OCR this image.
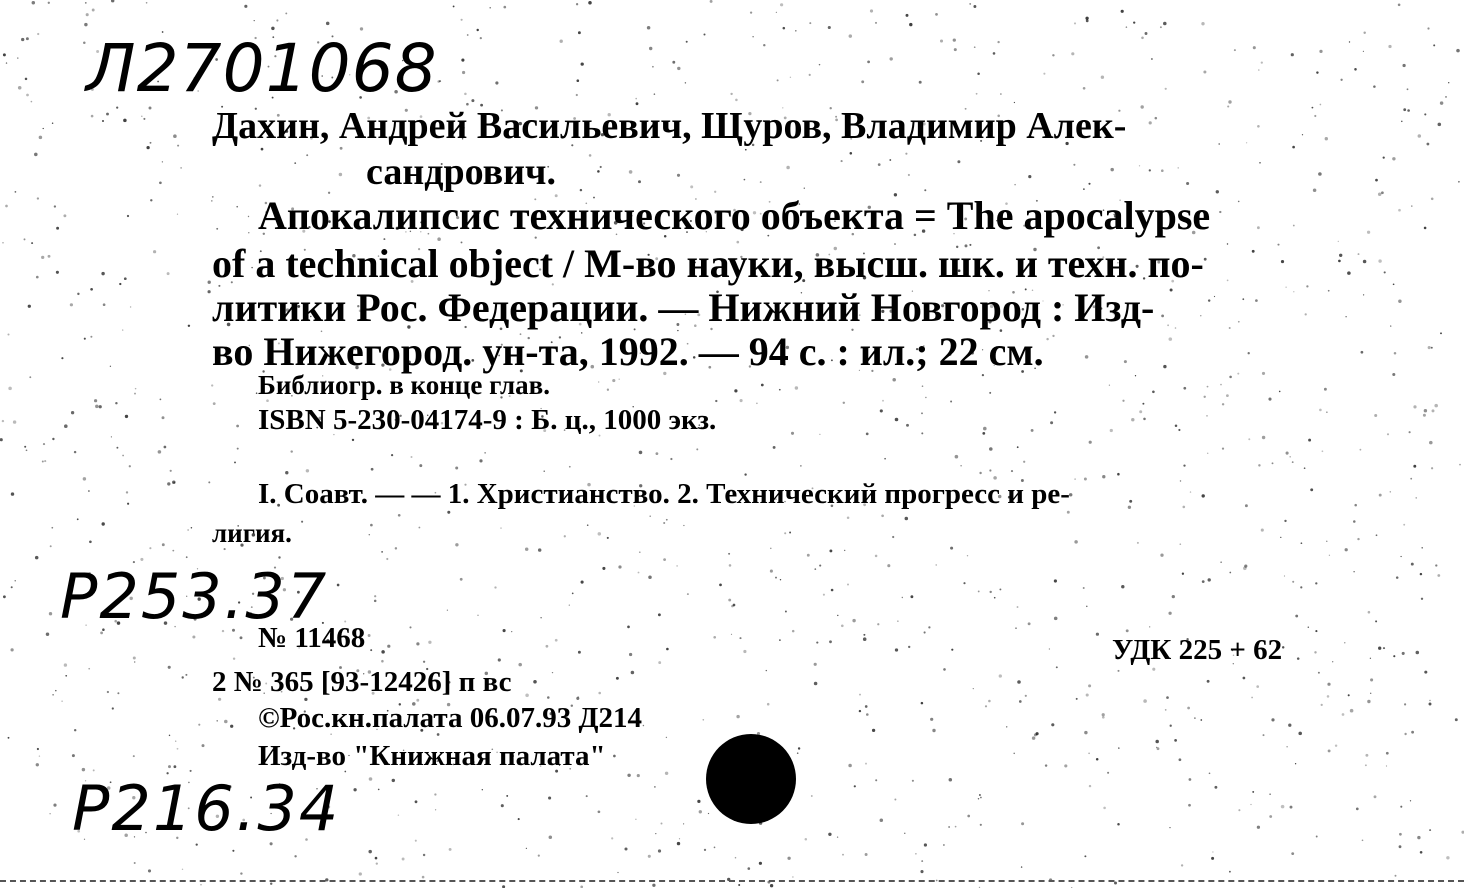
Л2701068
Дахин, Андрей Васильевич, Щуров, Владимир Алек-
сандрович.
Апокалипсис технического объекта = The apocalypse
of a technical object / М-во науки, высш. шк. и техн. по-
литики Рос. Федерации. — Нижний Новгород : Изд-
во Нижегород. ун-та, 1992. — 94 с. : ил.; 22 см.
Библиогр. в конце глав.
ISBN 5-230-04174-9 : Б. ц., 1000 экз.
I. Соавт. — — 1. Христианство. 2. Технический прогресс и ре-
лигия.
Р253.37
№ 11468	УДК 225 + 62
2 № 365 [93-12426] п вс
©Рос.кн.палата 06.07.93 Д214
Изд-во "Книжная палата"
Р216.34
